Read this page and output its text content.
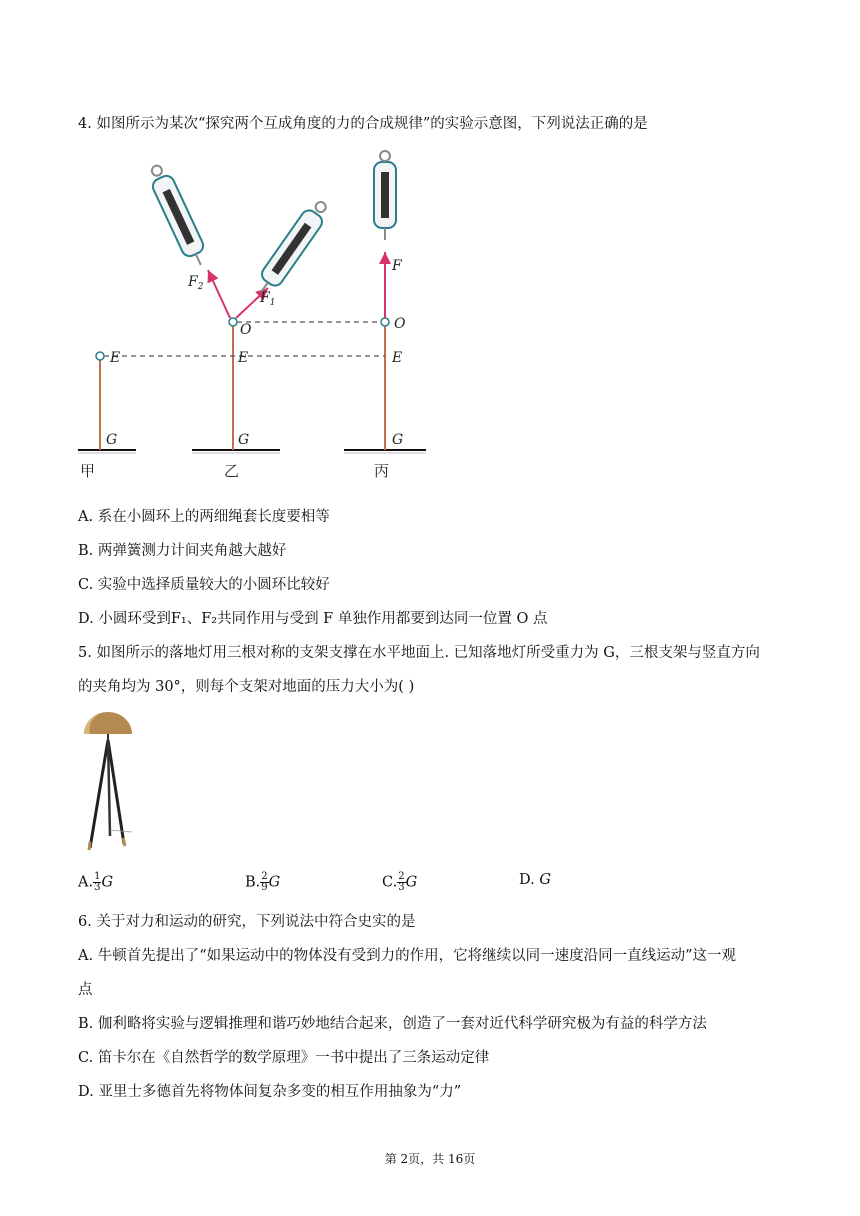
4. 如图所示为某次“探究两个互成角度的力的合成规律”的实验示意图，下列说法正确的是
$F_2$
$F_1$
F
O	O
E	E	E
G	G	G
甲	乙	丙
A. 系在小圆环上的两细绳套长度要相等
B. 两弹簧测力计间夹角越大越好
C. 实验中选择质量较大的小圆环比较好
D. 小圆环受到F₁、F₂共同作用与受到 F 单独作用都要到达同一位置 O 点
5. 如图所示的落地灯用三根对称的支架支撑在水平地面上. 已知落地灯所受重力为 G，三根支架与竖直方向
的夹角均为 30°，则每个支架对地面的压力大小为( )
A. $\frac{1}{3}$ G	B. $\frac{2}{9}$ G	C. $\frac{2}{3}$ G	D. G
6. 关于对力和运动的研究，下列说法中符合史实的是
A. 牛顿首先提出了“如果运动中的物体没有受到力的作用，它将继续以同一速度沿同一直线运动”这一观
点
B. 伽利略将实验与逻辑推理和谐巧妙地结合起来，创造了一套对近代科学研究极为有益的科学方法
C. 笛卡尔在《自然哲学的数学原理》一书中提出了三条运动定律
D. 亚里士多德首先将物体间复杂多变的相互作用抽象为“力”
第 2页，共 16页
